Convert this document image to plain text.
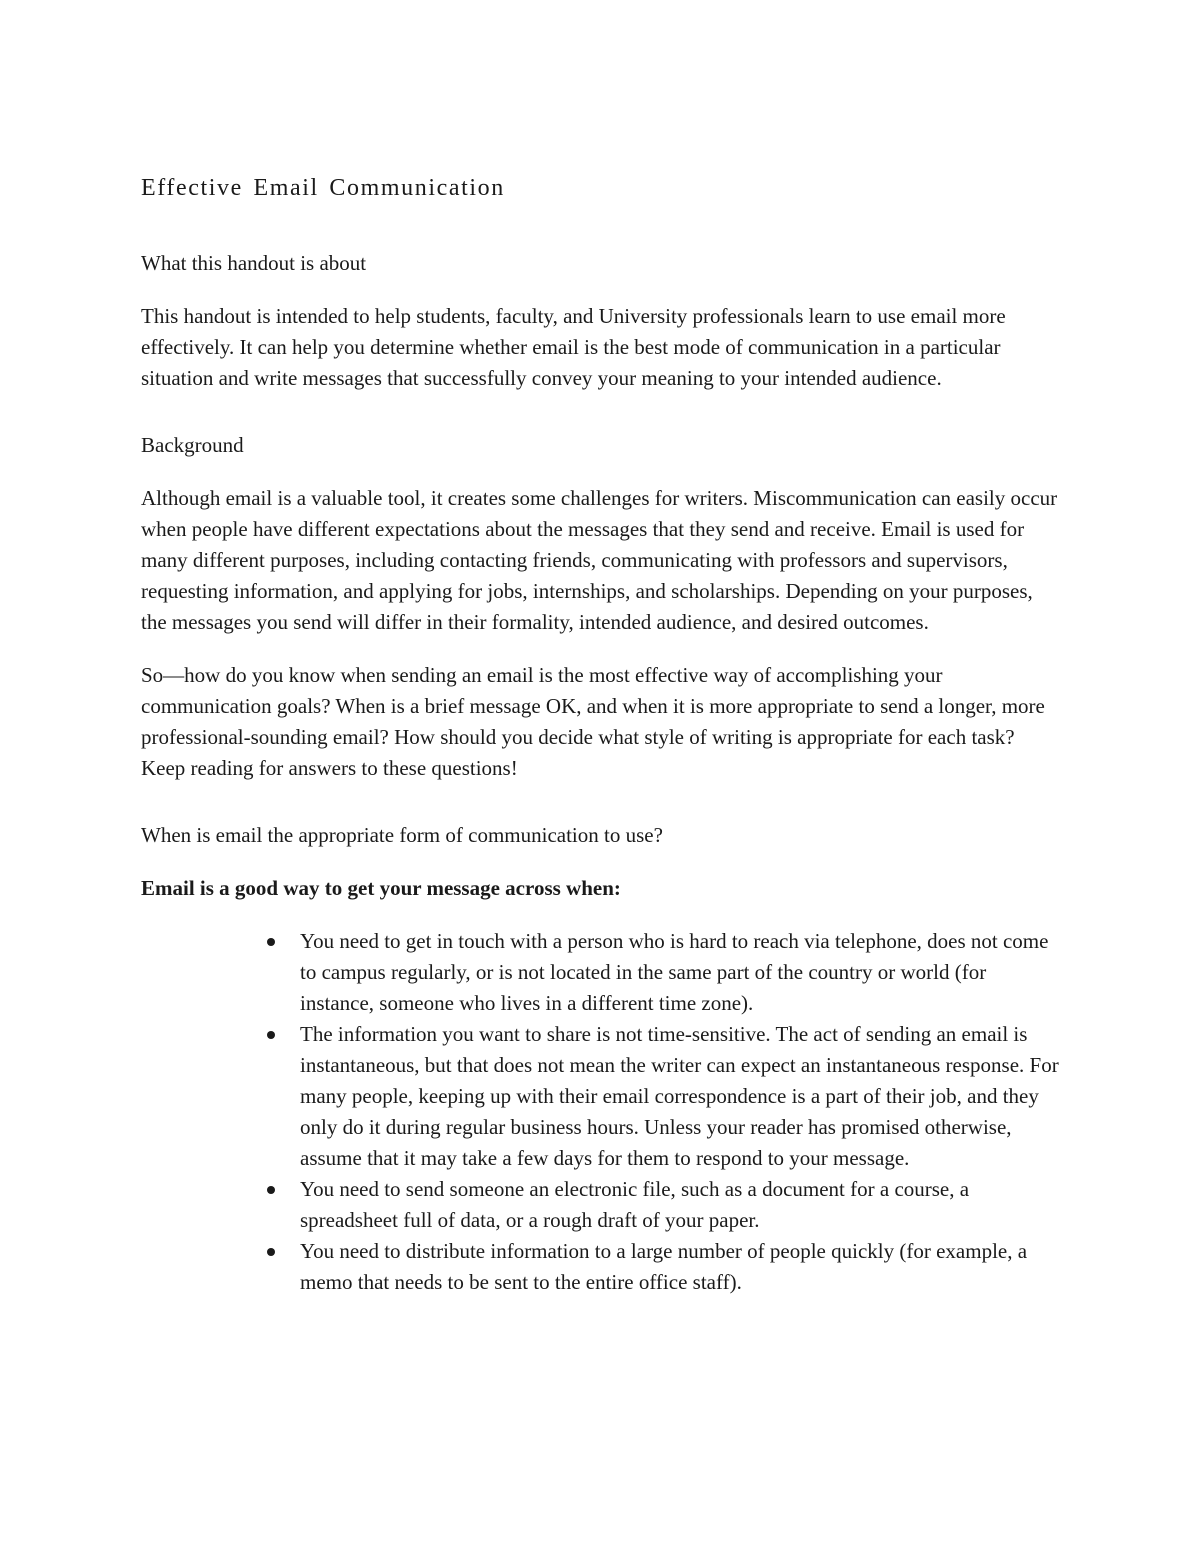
Effective Email Communication

What this handout is about

This handout is intended to help students, faculty, and University professionals learn to use email more effectively. It can help you determine whether email is the best mode of communication in a particular situation and write messages that successfully convey your meaning to your intended audience.

Background

Although email is a valuable tool, it creates some challenges for writers. Miscommunication can easily occur when people have different expectations about the messages that they send and receive. Email is used for many different purposes, including contacting friends, communicating with professors and supervisors, requesting information, and applying for jobs, internships, and scholarships. Depending on your purposes, the messages you send will differ in their formality, intended audience, and desired outcomes.

So—how do you know when sending an email is the most effective way of accomplishing your communication goals? When is a brief message OK, and when it is more appropriate to send a longer, more professional-sounding email? How should you decide what style of writing is appropriate for each task? Keep reading for answers to these questions!

When is email the appropriate form of communication to use?

Email is a good way to get your message across when:

You need to get in touch with a person who is hard to reach via telephone, does not come to campus regularly, or is not located in the same part of the country or world (for instance, someone who lives in a different time zone).
The information you want to share is not time-sensitive. The act of sending an email is instantaneous, but that does not mean the writer can expect an instantaneous response. For many people, keeping up with their email correspondence is a part of their job, and they only do it during regular business hours. Unless your reader has promised otherwise, assume that it may take a few days for them to respond to your message.
You need to send someone an electronic file, such as a document for a course, a spreadsheet full of data, or a rough draft of your paper.
You need to distribute information to a large number of people quickly (for example, a memo that needs to be sent to the entire office staff).
